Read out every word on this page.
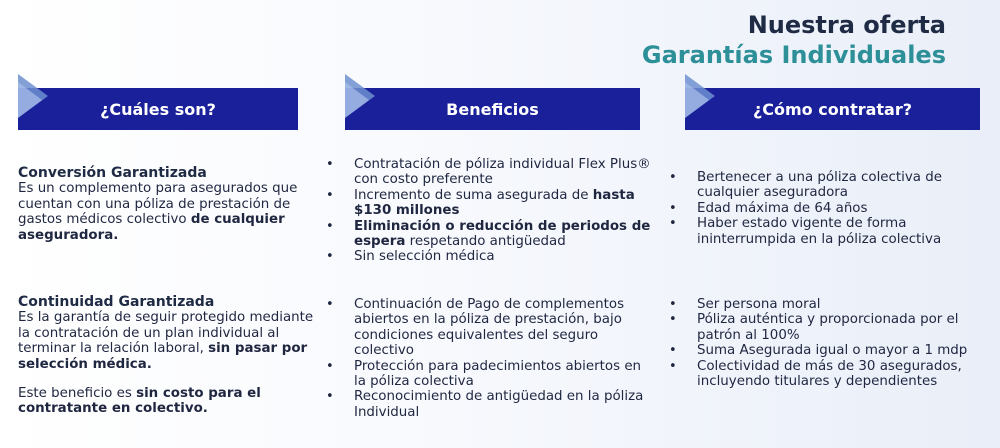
Nuestra oferta
Garantías Individuales
¿Cuáles son?	Beneficios	¿Cómo contratar?
Conversión Garantizada
Es un complemento para asegurados que cuentan con una póliza de prestación de gastos médicos colectivo de cualquier aseguradora.
Continuidad Garantizada
Es la garantía de seguir protegido mediante la contratación de un plan individual al terminar la relación laboral, sin pasar por selección médica.
Este beneficio es sin costo para el contratante en colectivo.
• Contratación de póliza individual Flex Plus® con costo preferente
• Incremento de suma asegurada de hasta $130 millones
• Eliminación o reducción de periodos de espera respetando antigüedad
• Sin selección médica
• Continuación de Pago de complementos abiertos en la póliza de prestación, bajo condiciones equivalentes del seguro colectivo
• Protección para padecimientos abiertos en la póliza colectiva
• Reconocimiento de antigüedad en la póliza Individual
• Bertenecer a una póliza colectiva de cualquier aseguradora
• Edad máxima de 64 años
• Haber estado vigente de forma ininterrumpida en la póliza colectiva
• Ser persona moral
• Póliza auténtica y proporcionada por el patrón al 100%
• Suma Asegurada igual o mayor a 1 mdp
• Colectividad de más de 30 asegurados, incluyendo titulares y dependientes
